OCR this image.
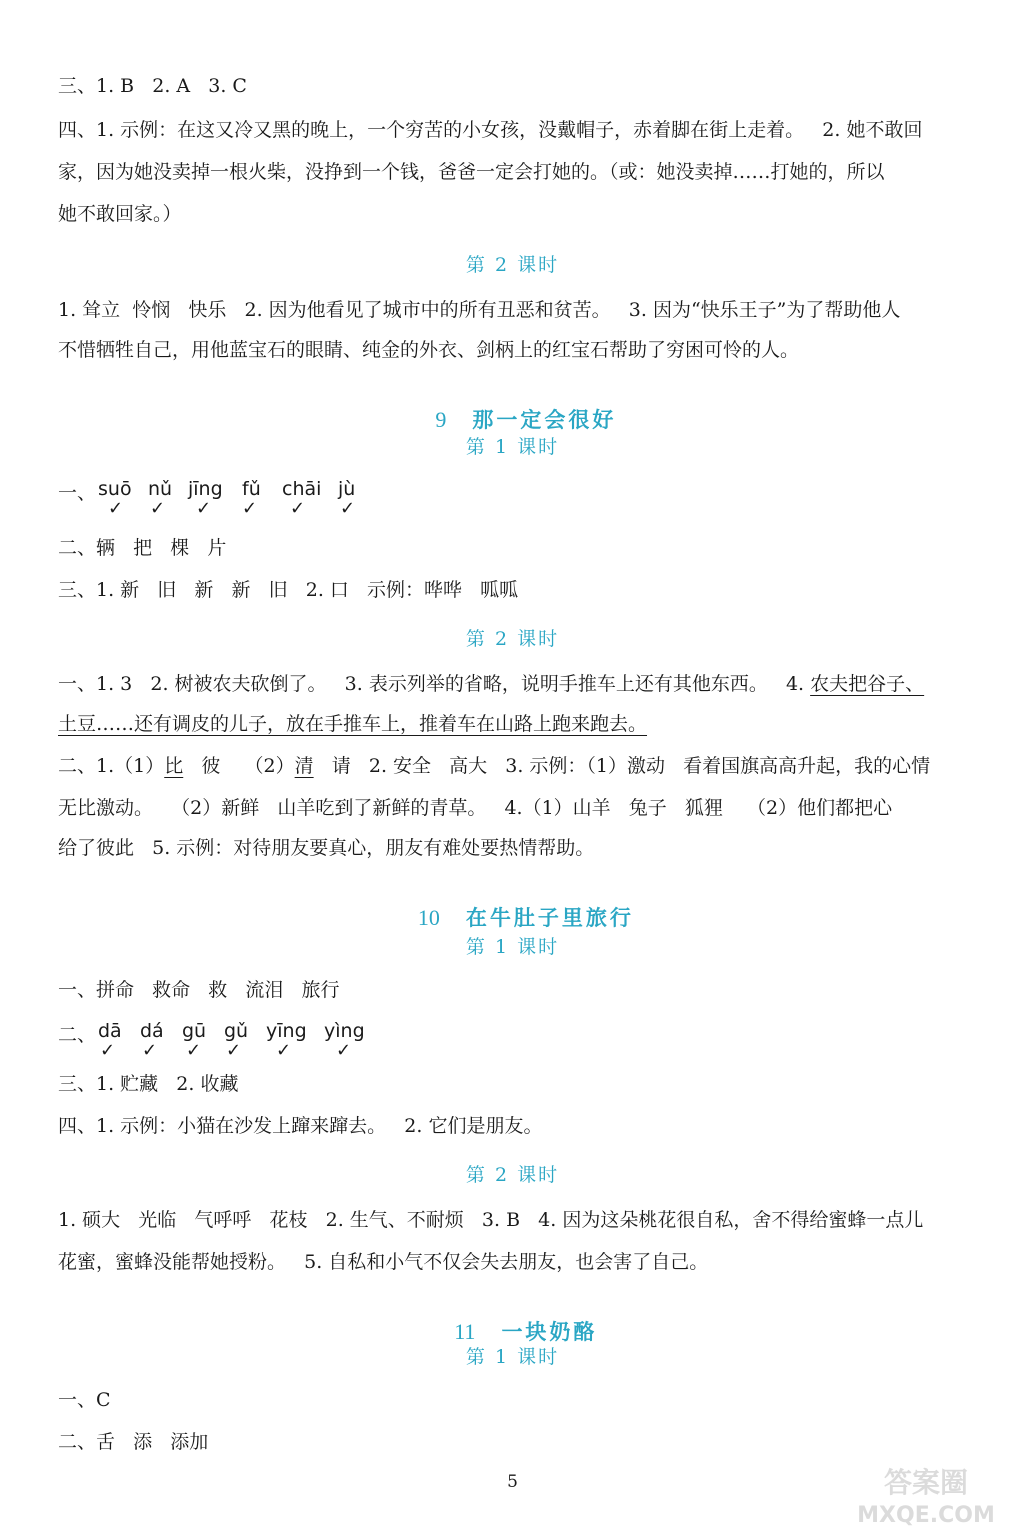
三、1. B   2. A   3. C

四、1. 示例：在这又冷又黑的晚上，一个穷苦的小女孩，没戴帽子，赤着脚在街上走着。   2. 她不敢回

家，因为她没卖掉一根火柴，没挣到一个钱，爸爸一定会打她的。（或：她没卖掉……打她的，所以

她不敢回家。）

第 2 课时

1. 耸立  怜悯   快乐   2. 因为他看见了城市中的所有丑恶和贫苦。   3. 因为“快乐王子”为了帮助他人

不惜牺牲自己，用他蓝宝石的眼睛、纯金的外衣、剑柄上的红宝石帮助了穷困可怜的人。

9 那一定会很好

第 1 课时
一、 suō nǔ jīng fǔ chāi jù
✓ ✓ ✓ ✓ ✓ ✓

二、辆   把   棵   片

三、1. 新   旧   新   新   旧   2. 口   示例：哗哗   呱呱

第 2 课时

一、1. 3   2. 树被农夫砍倒了。   3. 表示列举的省略，说明手推车上还有其他东西。   4. 农夫把谷子、

土豆……还有调皮的儿子，放在手推车上，推着车在山路上跑来跑去。

二、1.（1）比   彼    （2）清   请   2. 安全   高大   3. 示例：（1）激动   看着国旗高高升起，我的心情

无比激动。   （2）新鲜   山羊吃到了新鲜的青草。   4.（1）山羊   兔子   狐狸    （2）他们都把心

给了彼此   5. 示例：对待朋友要真心，朋友有难处要热情帮助。

10 在牛肚子里旅行

第 1 课时

一、拼命   救命   救   流泪   旅行

二、 dā dá gū gǔ yīng yìng
✓ ✓ ✓ ✓ ✓ ✓

三、1. 贮藏   2. 收藏

四、1. 示例：小猫在沙发上蹿来蹿去。   2. 它们是朋友。

第 2 课时

1. 硕大   光临   气呼呼   花枝   2. 生气、不耐烦   3. B   4. 因为这朵桃花很自私，舍不得给蜜蜂一点儿

花蜜，蜜蜂没能帮她授粉。   5. 自私和小气不仅会失去朋友，也会害了自己。

11 一块奶酪

第 1 课时

一、C

二、舌   添   添加

5	答案圈
MXQE.COM
